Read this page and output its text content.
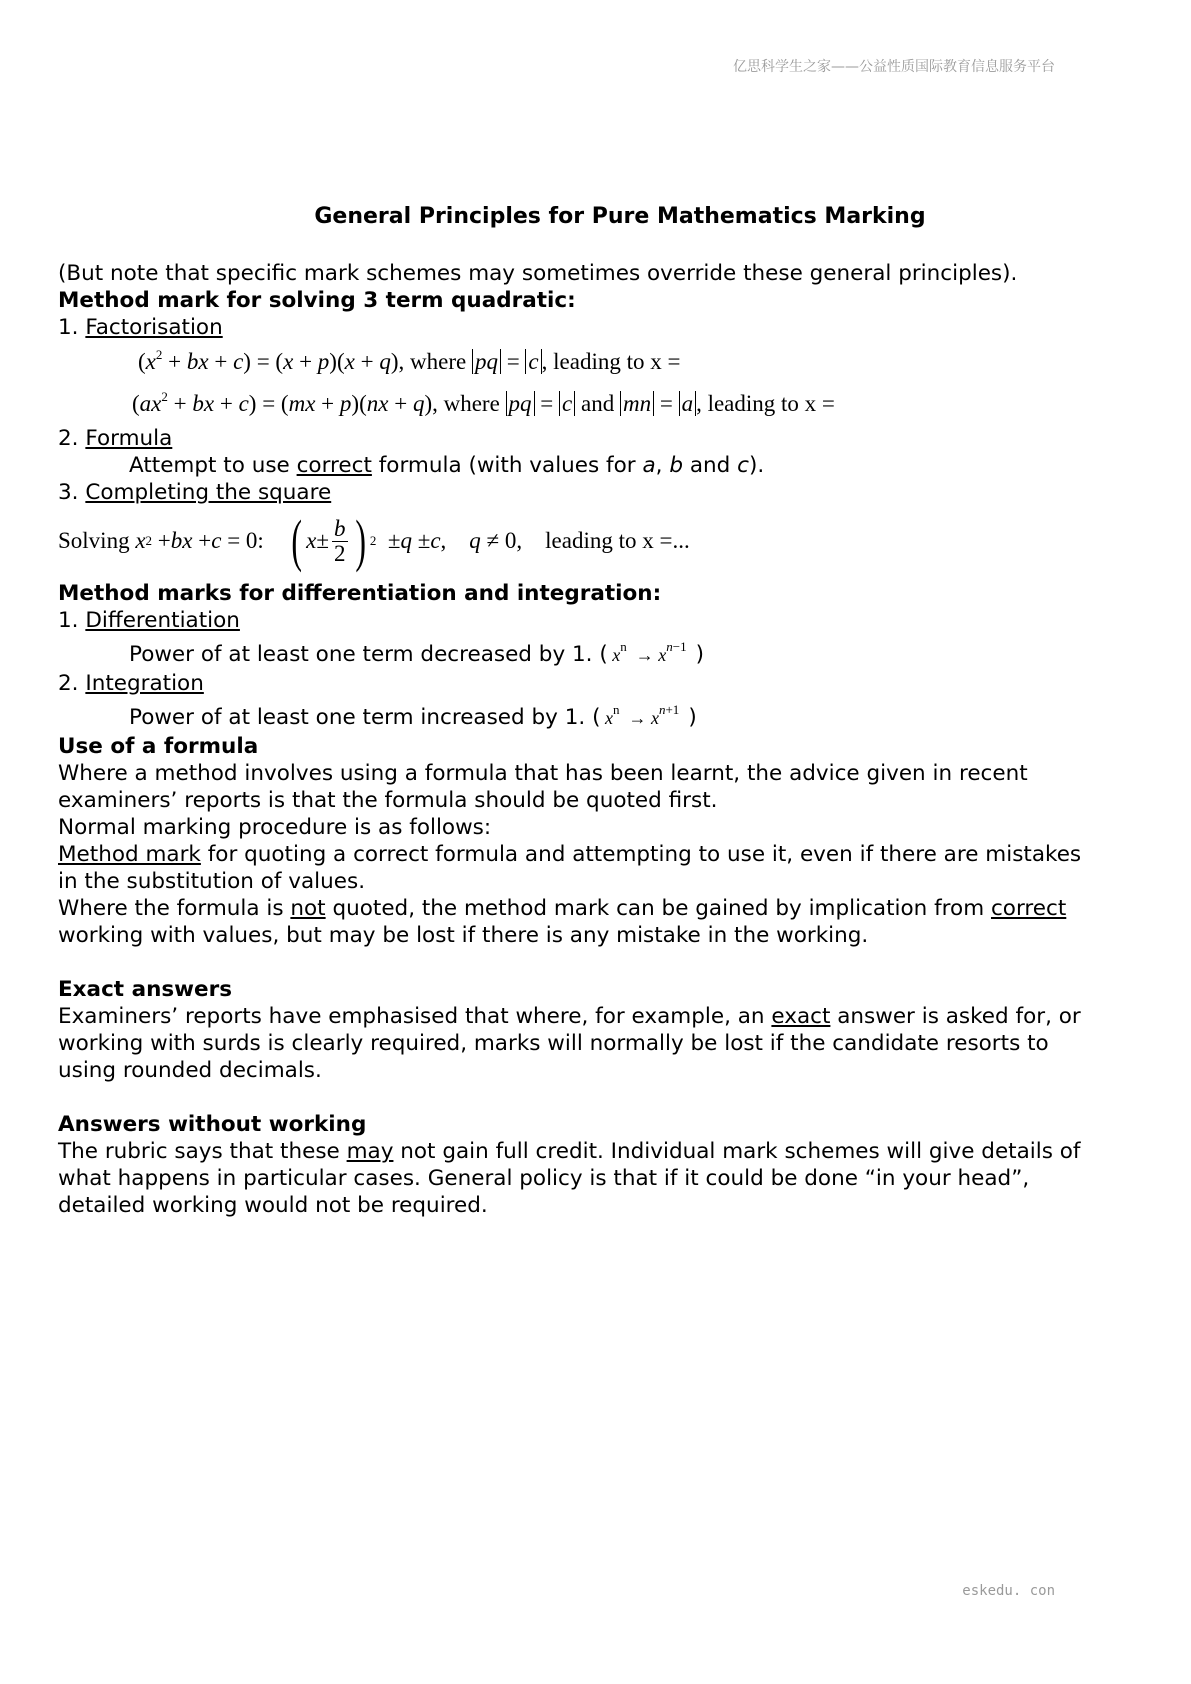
亿思科学生之家——公益性质国际教育信息服务平台
General Principles for Pure Mathematics Marking
(But note that specific mark schemes may sometimes override these general principles).
Method mark for solving 3 term quadratic:
1. Factorisation
($x^2$ + bx + c) = (x + p)(x + q), where pq = c , leading to x =
($ax^2$ + bx + c) = (mx + p)(nx + q), where pq = c and mn = a , leading to x =
2. Formula
Attempt to use correct formula (with values for a, b and c).
3. Completing the square
Solving
x 2 + bx + c = 0: ( $x \pm \frac{b}{2}$ ) 2 ± q ± c , q ≠ 0, leading to x =...
Method marks for differentiation and integration:
1. Differentiation
Power of at least one term decreased by 1. ( $x^n \to x^{n-1}$ )
2. Integration
Power of at least one term increased by 1. ( $x^n \to x^{n+1}$ )
Use of a formula
Where a method involves using a formula that has been learnt, the advice given in recent
examiners’ reports is that the formula should be quoted first.
Normal marking procedure is as follows:
Method mark for quoting a correct formula and attempting to use it, even if there are mistakes
in the substitution of values.
Where the formula is not quoted, the method mark can be gained by implication from correct
working with values, but may be lost if there is any mistake in the working.
Exact answers
Examiners’ reports have emphasised that where, for example, an exact answer is asked for, or
working with surds is clearly required, marks will normally be lost if the candidate resorts to
using rounded decimals.
Answers without working
The rubric says that these may not gain full credit. Individual mark schemes will give details of
what happens in particular cases. General policy is that if it could be done “in your head”,
detailed working would not be required.
eskedu. con
